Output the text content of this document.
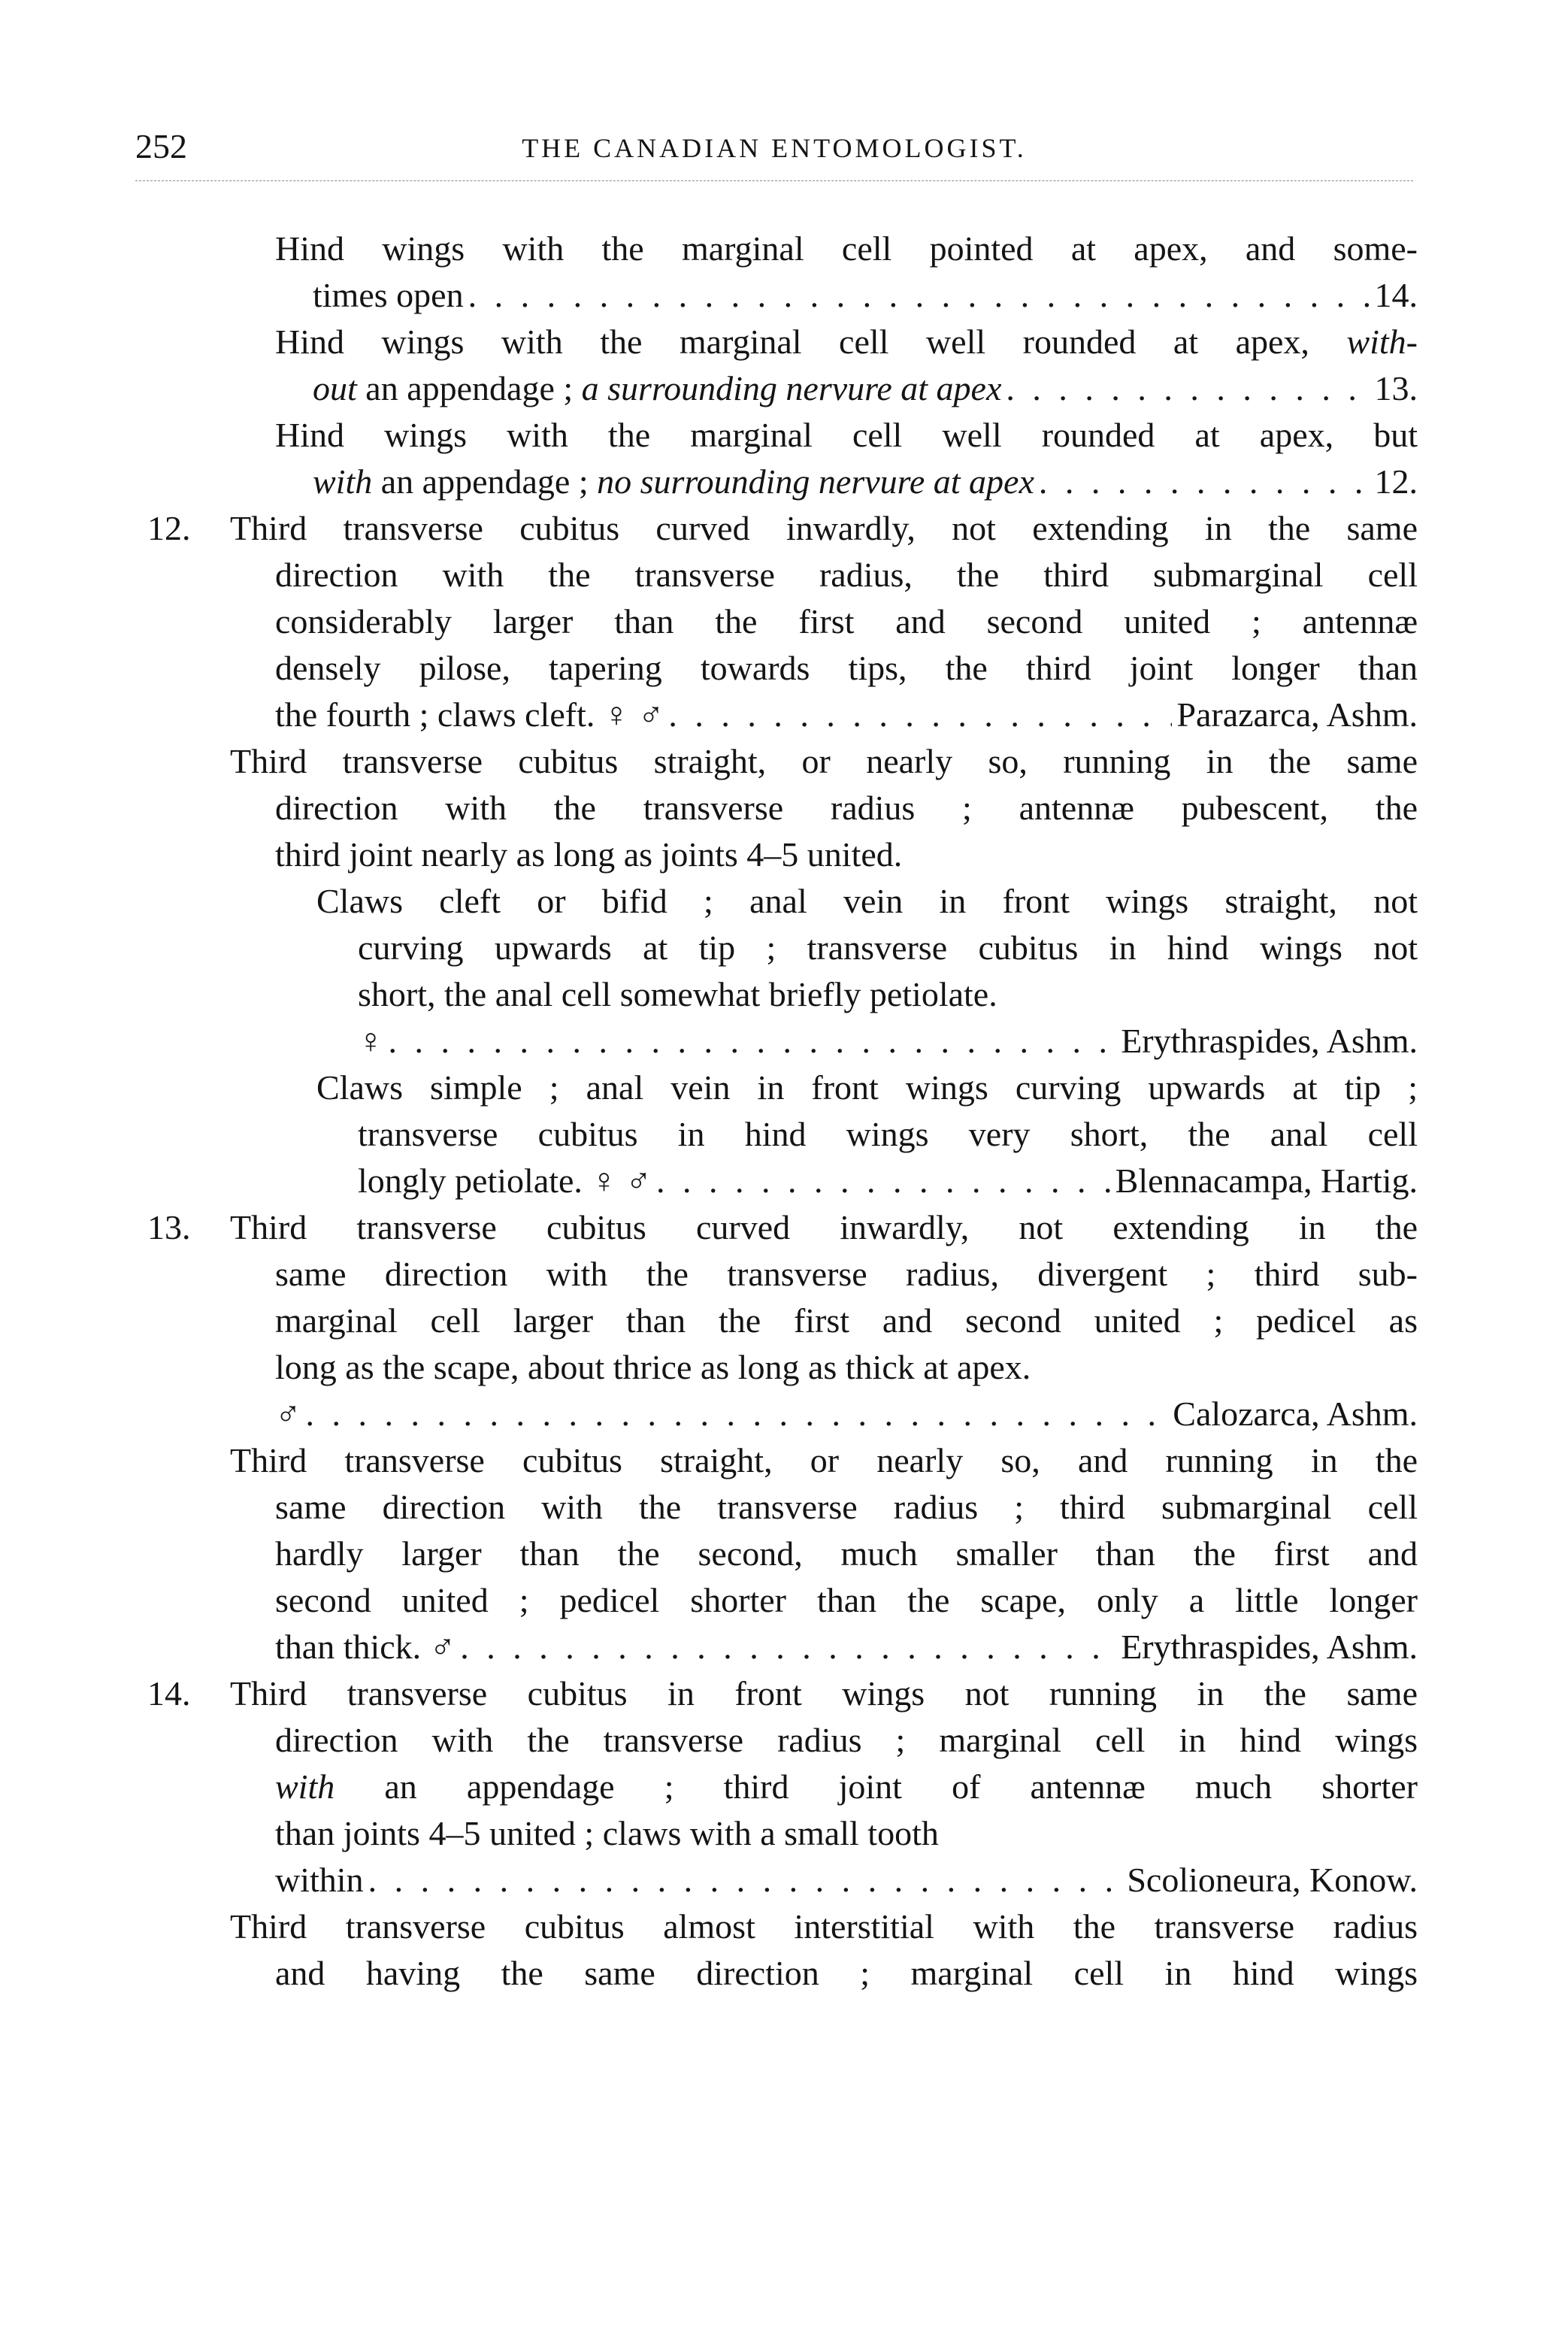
252	THE CANADIAN ENTOMOLOGIST.
Hind wings with the marginal cell pointed at apex, and some-
times open . . .	14.
Hind wings with the marginal cell well rounded at apex, with-
out an appendage ; a surrounding nervure at apex . . .	13.
Hind wings with the marginal cell well rounded at apex, but
with an appendage ; no surrounding nervure at apex . . .	12.
12. Third transverse cubitus curved inwardly, not extending in the same
direction with the transverse radius, the third submarginal cell
considerably larger than the first and second united ; antennæ
densely pilose, tapering towards tips, the third joint longer than
the fourth ; claws cleft. ♀ ♂ . . .	Parazarca, Ashm.
Third transverse cubitus straight, or nearly so, running in the same
direction with the transverse radius ; antennæ pubescent, the
third joint nearly as long as joints 4–5 united.
Claws cleft or bifid ; anal vein in front wings straight, not
curving upwards at tip ; transverse cubitus in hind wings not
short, the anal cell somewhat briefly petiolate.
♀ . . .	Erythraspides, Ashm.
Claws simple ; anal vein in front wings curving upwards at tip ;
transverse cubitus in hind wings very short, the anal cell
longly petiolate. ♀ ♂ . . .	Blennacampa, Hartig.
13. Third transverse cubitus curved inwardly, not extending in the
same direction with the transverse radius, divergent ; third sub-
marginal cell larger than the first and second united ; pedicel as
long as the scape, about thrice as long as thick at apex.
♂ . . .	Calozarca, Ashm.
Third transverse cubitus straight, or nearly so, and running in the
same direction with the transverse radius ; third submarginal cell
hardly larger than the second, much smaller than the first and
second united ; pedicel shorter than the scape, only a little longer
than thick. ♂ . . .	Erythraspides, Ashm.
14. Third transverse cubitus in front wings not running in the same
direction with the transverse radius ; marginal cell in hind wings
with an appendage ; third joint of antennæ much shorter
than joints 4–5 united ; claws with a small tooth
within . . .	Scolioneura, Konow.
Third transverse cubitus almost interstitial with the transverse radius
and having the same direction ; marginal cell in hind wings
